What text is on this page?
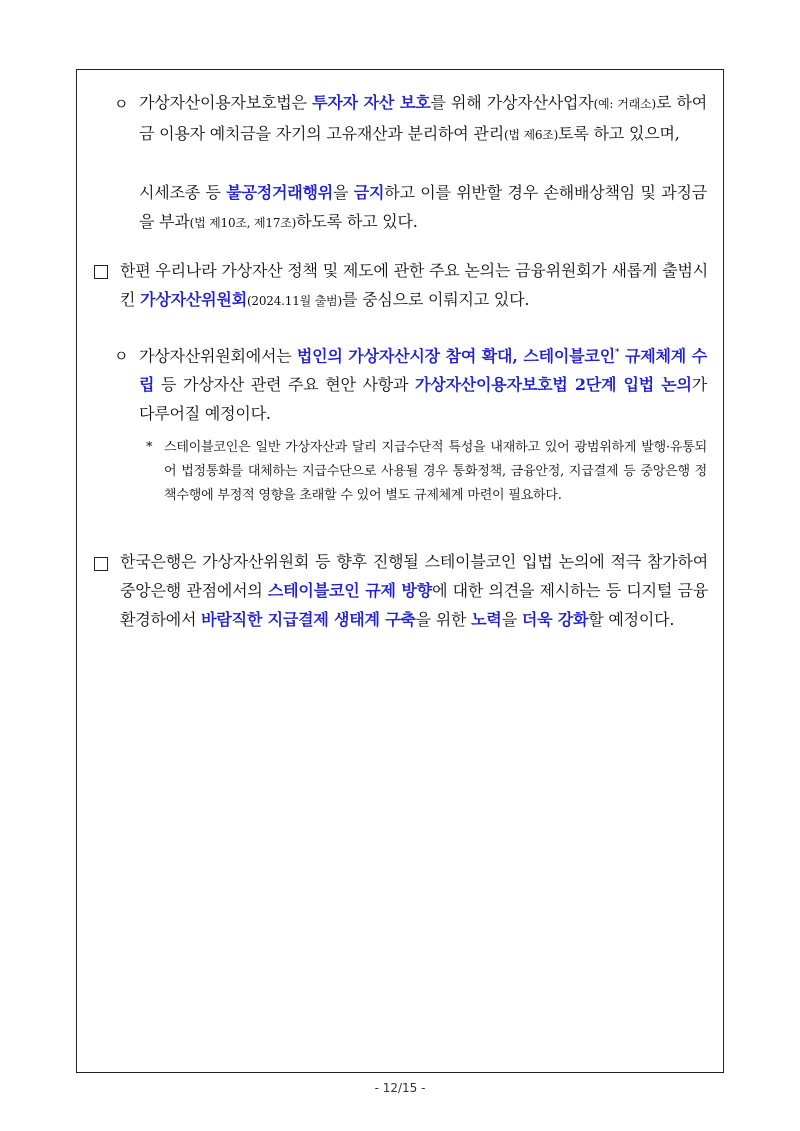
ㅇ 가상자산이용자보호법은 투자자 자산 보호를 위해 가상자산사업자(예: 거래소)로 하여금 이용자 예치금을 자기의 고유재산과 분리하여 관리(법 제6조)토록 하고 있으며,

시세조종 등 불공정거래행위을 금지하고 이를 위반할 경우 손해배상책임 및 과징금을 부과(법 제10조, 제17조)하도록 하고 있다.

한편 우리나라 가상자산 정책 및 제도에 관한 주요 논의는 금융위원회가 새롭게 출범시킨 가상자산위원회(2024.11월 출범)를 중심으로 이뤄지고 있다.

ㅇ 가상자산위원회에서는 법인의 가상자산시장 참여 확대, 스테이블코인* 규제체계 수립 등 가상자산 관련 주요 현안 사항과 가상자산이용자보호법 2단계 입법 논의가 다루어질 예정이다.

* 스테이블코인은 일반 가상자산과 달리 지급수단적 특성을 내재하고 있어 광범위하게 발행·유통되어 법정통화를 대체하는 지급수단으로 사용될 경우 통화정책, 금융안정, 지급결제 등 중앙은행 정책수행에 부정적 영향을 초래할 수 있어 별도 규제체계 마련이 필요하다.

한국은행은 가상자산위원회 등 향후 진행될 스테이블코인 입법 논의에 적극 참가하여 중앙은행 관점에서의 스테이블코인 규제 방향에 대한 의견을 제시하는 등 디지털 금융 환경하에서 바람직한 지급결제 생태계 구축을 위한 노력을 더욱 강화할 예정이다.

- 12/15 -
